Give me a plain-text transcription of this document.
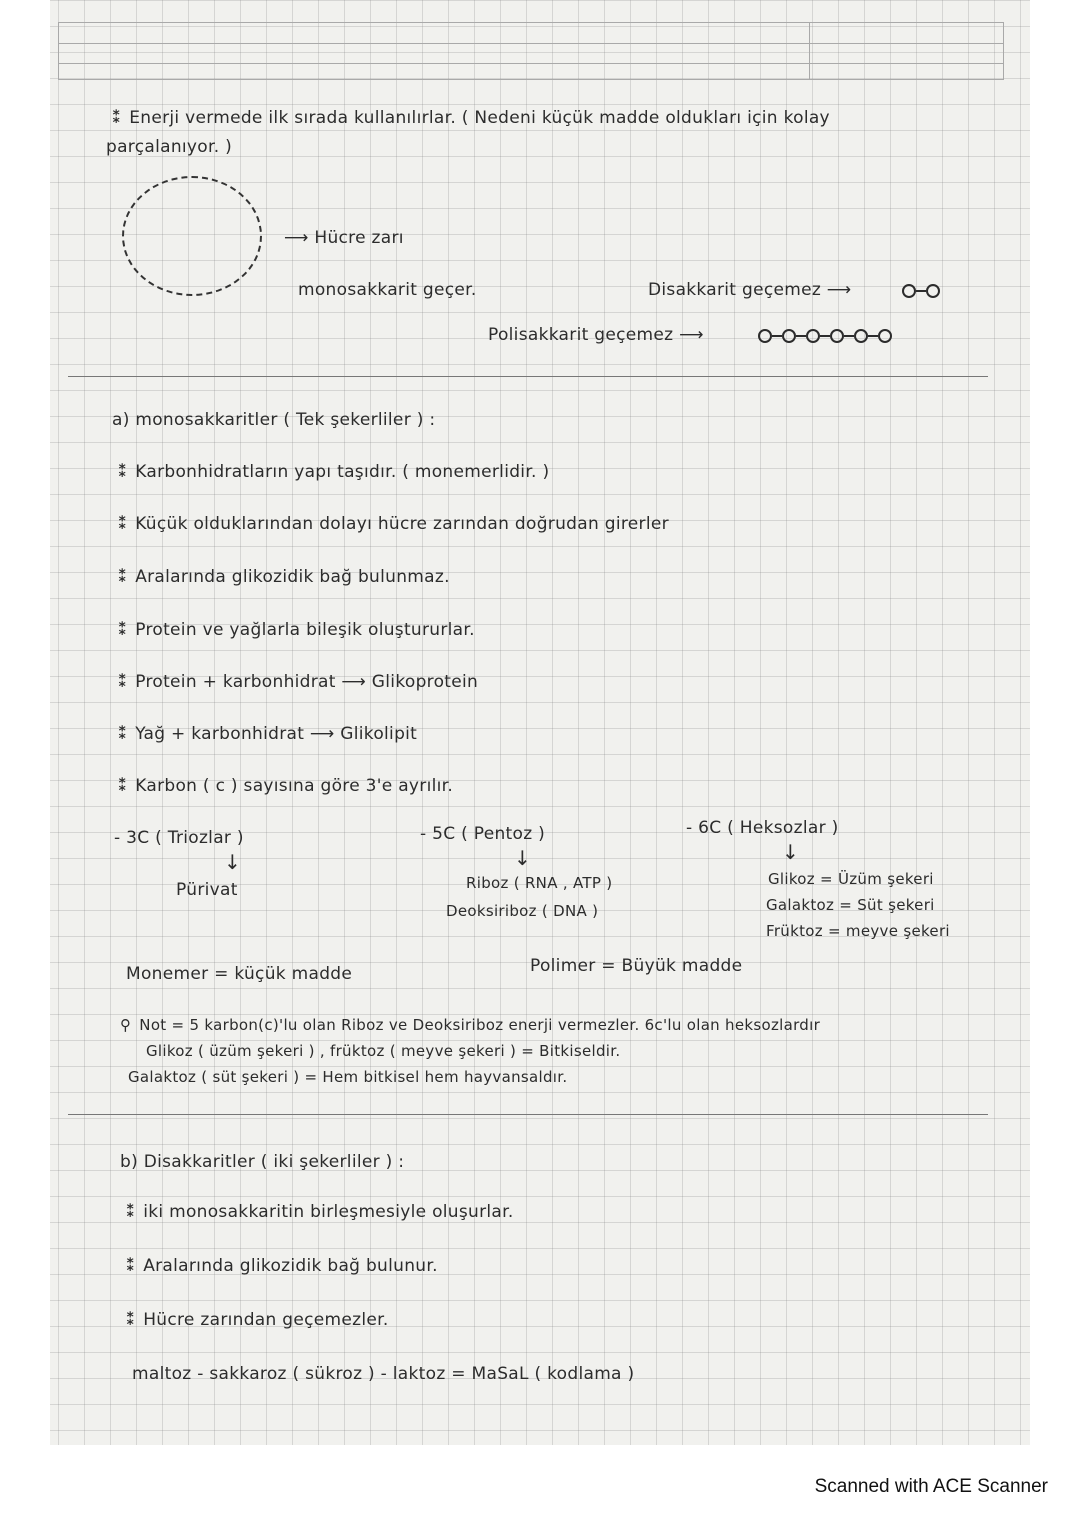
⁑ Enerji vermede ilk sırada kullanılırlar. ( Nedeni küçük madde oldukları için kolay
parçalanıyor. )
⟶ Hücre zarı
monosakkarit geçer.	Disakkarit geçemez ⟶
Polisakkarit geçemez ⟶
a) monosakkaritler ( Tek şekerliler ) :
⁑ Karbonhidratların yapı taşıdır. ( monemerlidir. )
⁑ Küçük olduklarından dolayı hücre zarından doğrudan girerler
⁑ Aralarında glikozidik bağ bulunmaz.
⁑ Protein ve yağlarla bileşik oluştururlar.
⁑ Protein + karbonhidrat ⟶ Glikoprotein
⁑ Yağ + karbonhidrat ⟶ Glikolipit
⁑ Karbon ( c ) sayısına göre 3'e ayrılır.
- 3C ( Triozlar )
↓
Pürivat
- 5C ( Pentoz )
↓
Riboz ( RNA , ATP )
Deoksiriboz ( DNA )
- 6C ( Heksozlar )
↓
Glikoz = Üzüm şekeri
Galaktoz = Süt şekeri
Früktoz = meyve şekeri
Monemer = küçük madde	Polimer = Büyük madde
⚲ Not = 5 karbon(c)'lu olan Riboz ve Deoksiriboz enerji vermezler. 6c'lu olan heksozlardır
Glikoz ( üzüm şekeri ) , früktoz ( meyve şekeri ) = Bitkiseldir.
Galaktoz ( süt şekeri ) = Hem bitkisel hem hayvansaldır.
b) Disakkaritler ( iki şekerliler ) :
⁑ iki monosakkaritin birleşmesiyle oluşurlar.
⁑ Aralarında glikozidik bağ bulunur.
⁑ Hücre zarından geçemezler.
maltoz - sakkaroz ( sükroz ) - laktoz = MaSaL ( kodlama )
Scanned with ACE Scanner
